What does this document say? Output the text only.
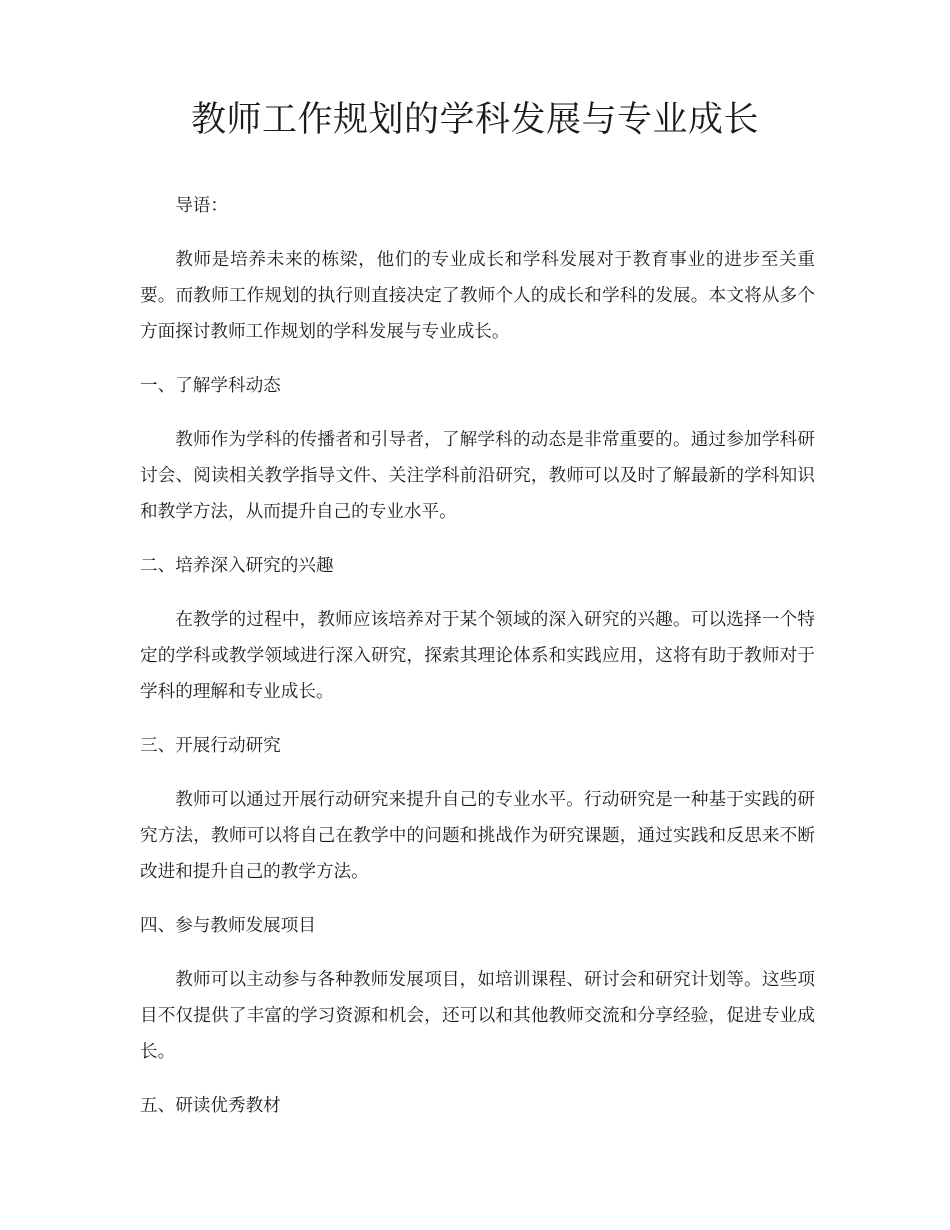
教师工作规划的学科发展与专业成长

导语：

教师是培养未来的栋梁，他们的专业成长和学科发展对于教育事业的进步至关重要。而教师工作规划的执行则直接决定了教师个人的成长和学科的发展。本文将从多个方面探讨教师工作规划的学科发展与专业成长。

一、了解学科动态

教师作为学科的传播者和引导者，了解学科的动态是非常重要的。通过参加学科研讨会、阅读相关教学指导文件、关注学科前沿研究，教师可以及时了解最新的学科知识和教学方法，从而提升自己的专业水平。

二、培养深入研究的兴趣

在教学的过程中，教师应该培养对于某个领域的深入研究的兴趣。可以选择一个特定的学科或教学领域进行深入研究，探索其理论体系和实践应用，这将有助于教师对于学科的理解和专业成长。

三、开展行动研究

教师可以通过开展行动研究来提升自己的专业水平。行动研究是一种基于实践的研究方法，教师可以将自己在教学中的问题和挑战作为研究课题，通过实践和反思来不断改进和提升自己的教学方法。

四、参与教师发展项目

教师可以主动参与各种教师发展项目，如培训课程、研讨会和研究计划等。这些项目不仅提供了丰富的学习资源和机会，还可以和其他教师交流和分享经验，促进专业成长。

五、研读优秀教材
